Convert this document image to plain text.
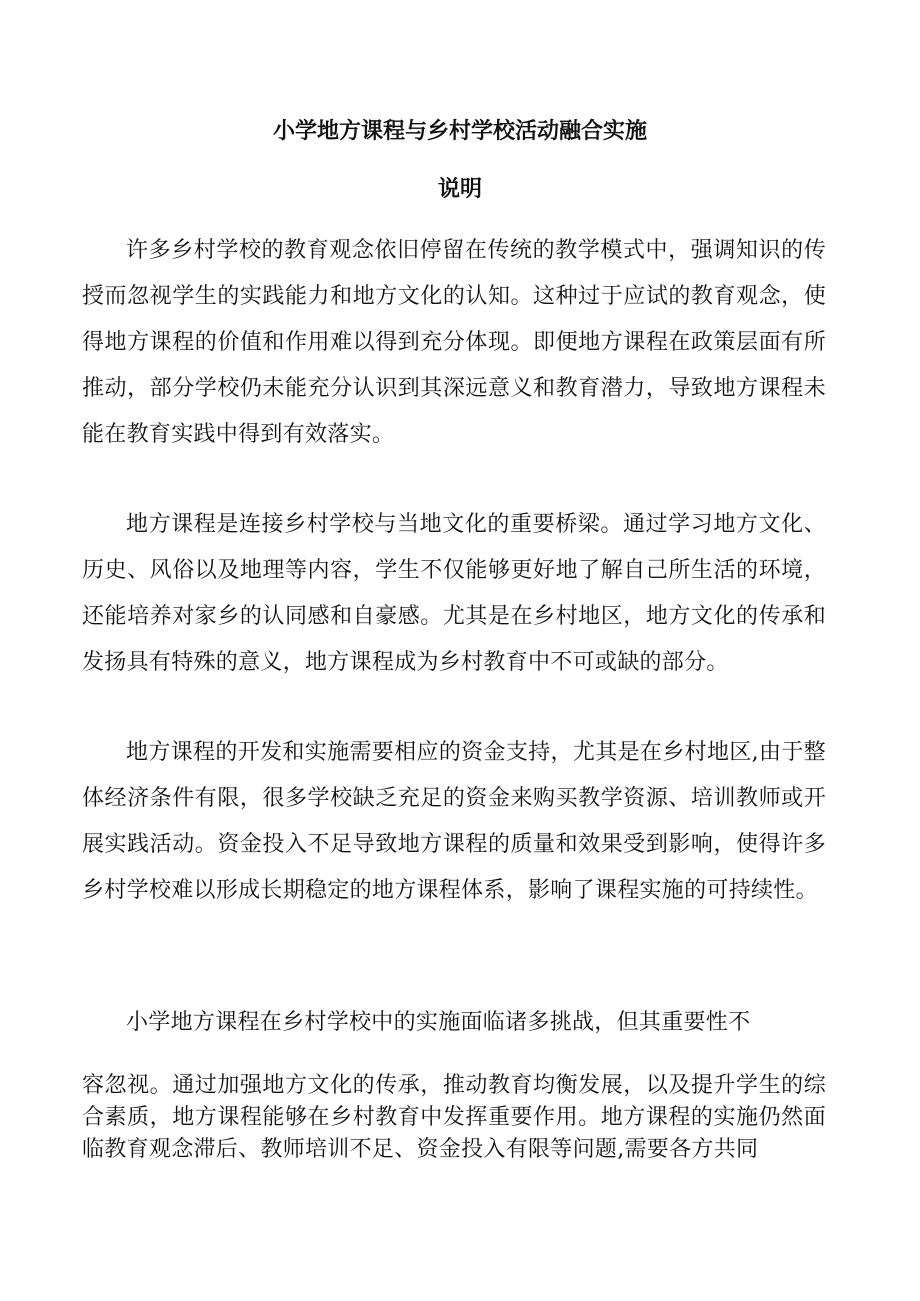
小学地方课程与乡村学校活动融合实施
说明

许多乡村学校的教育观念依旧停留在传统的教学模式中，强调知识的传授而忽视学生的实践能力和地方文化的认知。这种过于应试的教育观念，使得地方课程的价值和作用难以得到充分体现。即便地方课程在政策层面有所推动，部分学校仍未能充分认识到其深远意义和教育潜力，导致地方课程未能在教育实践中得到有效落实。

地方课程是连接乡村学校与当地文化的重要桥梁。通过学习地方文化、历史、风俗以及地理等内容，学生不仅能够更好地了解自己所生活的环境，还能培养对家乡的认同感和自豪感。尤其是在乡村地区，地方文化的传承和发扬具有特殊的意义，地方课程成为乡村教育中不可或缺的部分。

地方课程的开发和实施需要相应的资金支持，尤其是在乡村地区,由于整体经济条件有限，很多学校缺乏充足的资金来购买教学资源、培训教师或开展实践活动。资金投入不足导致地方课程的质量和效果受到影响，使得许多乡村学校难以形成长期稳定的地方课程体系，影响了课程实施的可持续性。

小学地方课程在乡村学校中的实施面临诸多挑战，但其重要性不

容忽视。通过加强地方文化的传承，推动教育均衡发展，以及提升学生的综合素质，地方课程能够在乡村教育中发挥重要作用。地方课程的实施仍然面临教育观念滞后、教师培训不足、资金投入有限等问题,需要各方共同
